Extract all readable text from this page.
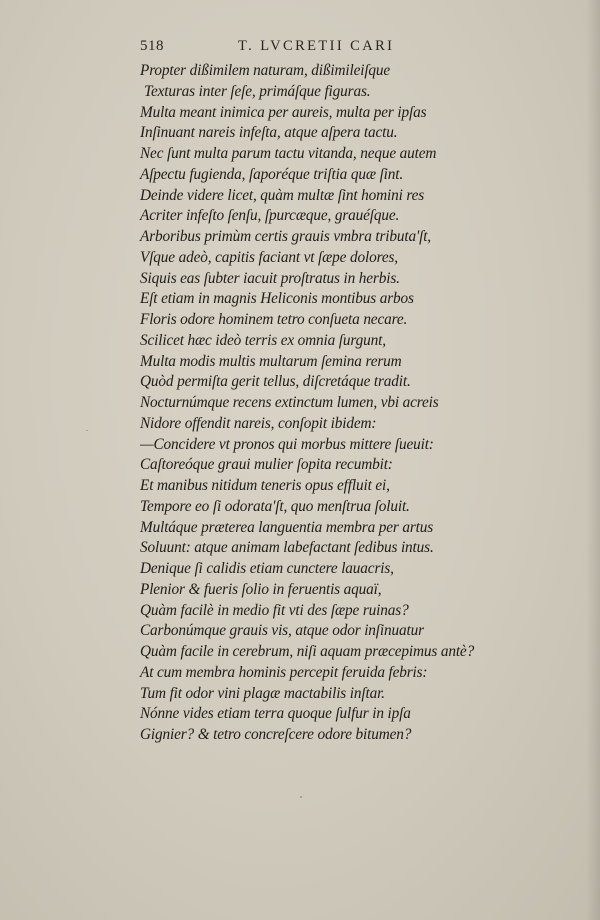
518	T. LVCRETII CARI
Propter dißimilem naturam, dißimileiſque
Texturas inter ſeſe, primáſque figuras.
Multa meant inimica per aureis, multa per ipſas
Inſinuant nareis infeſta, atque aſpera tactu.
Nec ſunt multa parum tactu vitanda, neque autem
Aſpectu fugienda, ſaporéque triſtia quæ ſint.
Deinde videre licet, quàm multæ ſint homini res
Acriter infeſto ſenſu, ſpurcæque, grauéſque.
Arboribus primùm certis grauis vmbra tributa'ſt,
Vſque adeò, capitis faciant vt ſæpe dolores,
Siquis eas ſubter iacuit proſtratus in herbis.
Eſt etiam in magnis Heliconis montibus arbos
Floris odore hominem tetro conſueta necare.
Scilicet hæc ideò terris ex omnia ſurgunt,
Multa modis multis multarum ſemina rerum
Quòd permiſta gerit tellus, diſcretáque tradit.
Nocturnúmque recens extinctum lumen, vbi acreis
Nidore offendit nareis, conſopit ibidem:
—Concidere vt pronos qui morbus mittere ſueuit:
Caſtoreóque graui mulier ſopita recumbit:
Et manibus nitidum teneris opus effluit ei,
Tempore eo ſi odorata'ſt, quo menſtrua ſoluit.
Multáque præterea languentia membra per artus
Soluunt: atque animam labefactant ſedibus intus.
Denique ſi calidis etiam cunctere lauacris,
Plenior & fueris ſolio in feruentis aquaï,
Quàm facilè in medio fit vti des ſæpe ruinas?
Carbonúmque grauis vis, atque odor inſinuatur
Quàm facile in cerebrum, niſi aquam præcepimus antè?
At cum membra hominis percepit feruida febris:
Tum fit odor vini plagæ mactabilis inſtar.
Nónne vides etiam terra quoque ſulfur in ipſa
Gignier? & tetro concreſcere odore bitumen?
